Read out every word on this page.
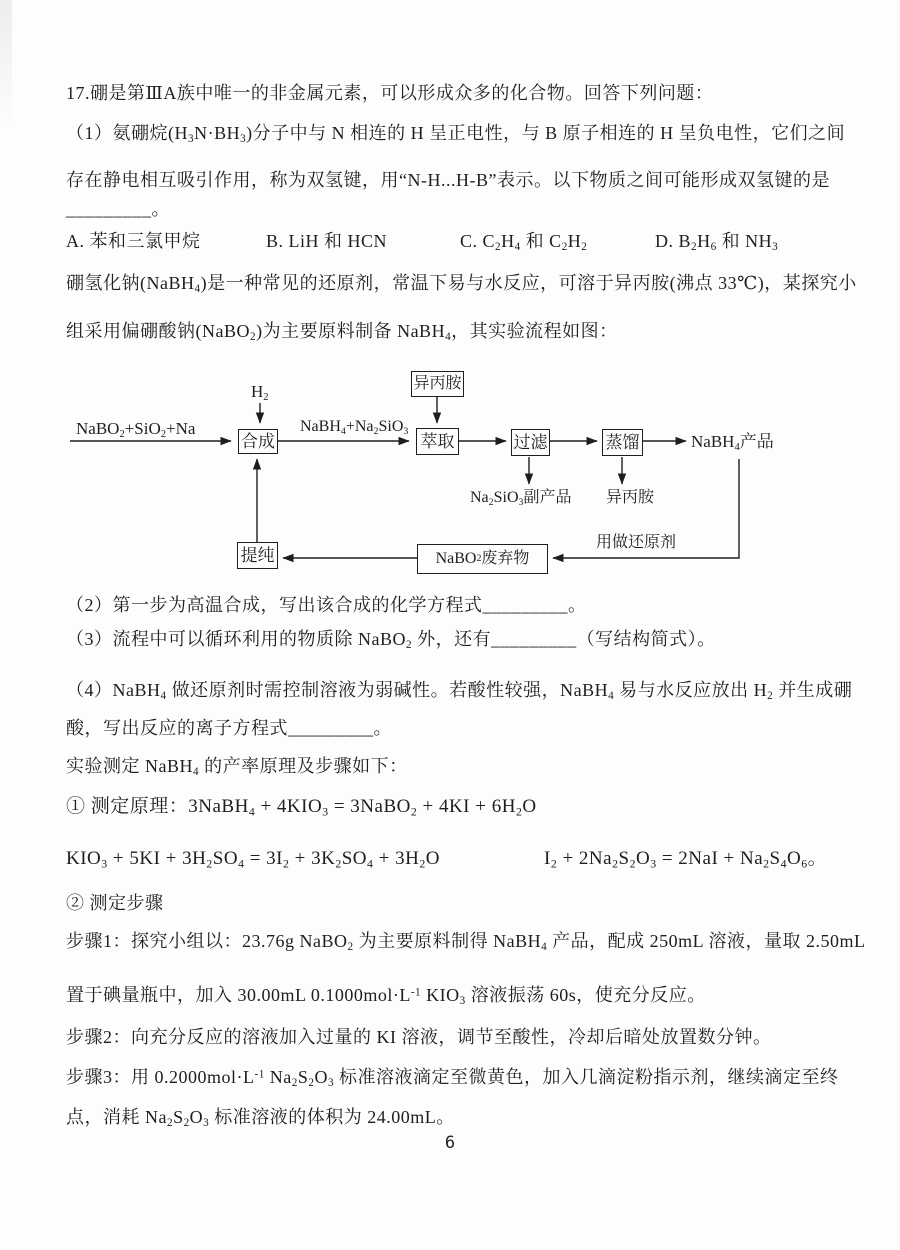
17.硼是第ⅢA族中唯一的非金属元素，可以形成众多的化合物。回答下列问题：
（1）氨硼烷$(H_3N\cdot BH_3)$分子中与 N 相连的 H 呈正电性，与 B 原子相连的 H 呈负电性，它们之间
存在静电相互吸引作用，称为双氢键，用“N-H...H-B”表示。以下物质之间可能形成双氢键的是
_________。
A. 苯和三氯甲烷	B. LiH 和 HCN	C. $C_2H_4$ 和 $C_2H_2$	D. $B_2H_6$ 和 $NH_3$
硼氢化钠(NaBH$_4$)是一种常见的还原剂，常温下易与水反应，可溶于异丙胺(沸点 33℃)，某探究小
组采用偏硼酸钠(NaBO$_2$)为主要原料制备 NaBH$_4$，其实验流程如图：
NaBO$_2$+SiO$_2$+Na
$H_2$
合成
$NaBH_4+Na_2SiO_3$
异丙胺
萃取	过滤	蒸馏	NaBH$_4$产品
$Na_2SiO_3$副产品 异丙胺
用做还原剂
NaBO 2 废弃物
提纯
（2）第一步为高温合成，写出该合成的化学方程式_________。
（3）流程中可以循环利用的物质除 NaBO$_2$ 外，还有_________（写结构简式）。
（4）NaBH$_4$ 做还原剂时需控制溶液为弱碱性。若酸性较强，NaBH$_4$ 易与水反应放出 $H_2$ 并生成硼
酸，写出反应的离子方程式_________。
实验测定 NaBH$_4$ 的产率原理及步骤如下：
① 测定原理：3NaBH$_4$ + $4KIO_3$ = 3NaBO$_2$ + $4KI + 6H_2O$
$KIO_3 + 5KI + 3H_2SO_4 = 3I_2 + 3K_2SO_4 + 3H_2O$	$I_2 + 2Na_2S_2O_3 = 2NaI + Na_2S_4O_6$。
② 测定步骤
步骤1：探究小组以：23.76g NaBO$_2$ 为主要原料制得 NaBH$_4$ 产品，配成 250mL 溶液，量取 2.50mL
置于碘量瓶中，加入 30.00mL $0.1000mol\cdot L^{-1}$ $KIO_3$ 溶液振荡 60s，使充分反应。
步骤2：向充分反应的溶液加入过量的 KI 溶液，调节至酸性，冷却后暗处放置数分钟。
步骤3：用 $0.2000mol\cdot L^{-1}$ $Na_2S_2O_3$ 标准溶液滴定至微黄色，加入几滴淀粉指示剂，继续滴定至终
点，消耗 $Na_2S_2O_3$ 标准溶液的体积为 24.00mL。
6
